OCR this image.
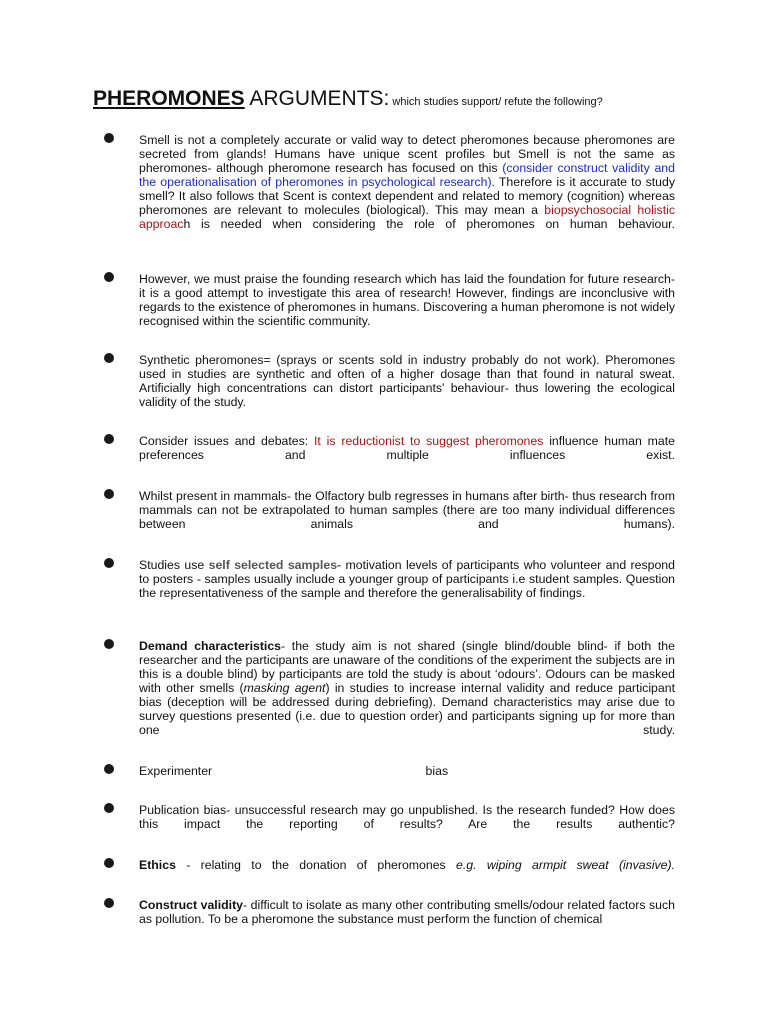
PHEROMONES ARGUMENTS: which studies support/ refute the following?
Smell is not a completely accurate or valid way to detect pheromones because pheromones are secreted from glands! Humans have unique scent profiles but Smell is not the same as pheromones- although pheromone research has focused on this (consider construct validity and the operationalisation of pheromones in psychological research). Therefore is it accurate to study smell? It also follows that Scent is context dependent and related to memory (cognition) whereas pheromones are relevant to molecules (biological). This may mean a biopsychosocial holistic approach is needed when considering the role of pheromones on human behaviour.
However, we must praise the founding research which has laid the foundation for future research- it is a good attempt to investigate this area of research! However, findings are inconclusive with regards to the existence of pheromones in humans. Discovering a human pheromone is not widely recognised within the scientific community.
Synthetic pheromones= (sprays or scents sold in industry probably do not work). Pheromones used in studies are synthetic and often of a higher dosage than that found in natural sweat. Artificially high concentrations can distort participants' behaviour- thus lowering the ecological validity of the study.
Consider issues and debates: It is reductionist to suggest pheromones influence human mate preferences and multiple influences exist.
Whilst present in mammals- the Olfactory bulb regresses in humans after birth- thus research from mammals can not be extrapolated to human samples (there are too many individual differences between animals and humans).
Studies use self selected samples- motivation levels of participants who volunteer and respond to posters - samples usually include a younger group of participants i.e student samples. Question the representativeness of the sample and therefore the generalisability of findings.
Demand characteristics- the study aim is not shared (single blind/double blind- if both the researcher and the participants are unaware of the conditions of the experiment the subjects are in this is a double blind) by participants are told the study is about ‘odours’. Odours can be masked with other smells (masking agent) in studies to increase internal validity and reduce participant bias (deception will be addressed during debriefing). Demand characteristics may arise due to survey questions presented (i.e. due to question order) and participants signing up for more than one study.
Experimenter bias
Publication bias- unsuccessful research may go unpublished. Is the research funded? How does this impact the reporting of results? Are the results authentic?
Ethics - relating to the donation of pheromones e.g. wiping armpit sweat (invasive).
Construct validity- difficult to isolate as many other contributing smells/odour related factors such as pollution. To be a pheromone the substance must perform the function of chemical
